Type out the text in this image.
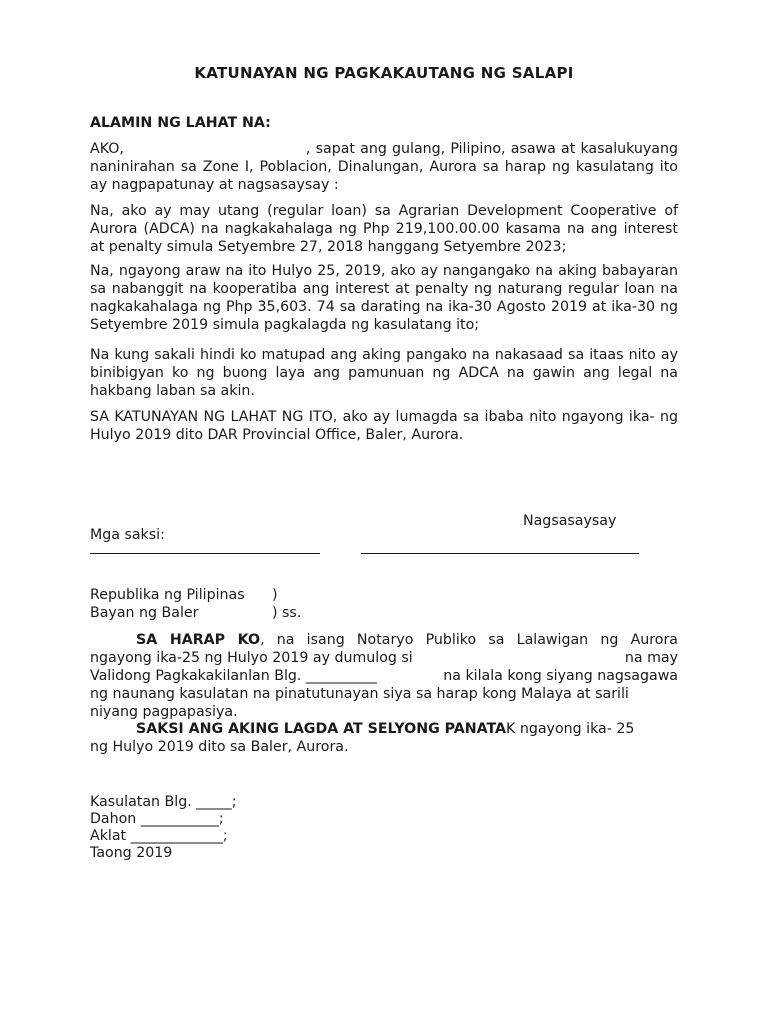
KATUNAYAN NG PAGKAKAUTANG NG SALAPI
ALAMIN NG LAHAT NA:

AKO,	, sapat ang gulang, Pilipino, asawa at kasalukuyang naninirahan sa Zone I, Poblacion, Dinalungan, Aurora sa harap ng kasulatang ito ay nagpapatunay at nagsasaysay :

Na, ako ay may utang (regular loan) sa Agrarian Development Cooperative of Aurora (ADCA) na nagkakahalaga ng Php 219,100.00.00 kasama na ang interest at penalty simula Setyembre 27, 2018 hanggang Setyembre 2023;
Na, ngayong araw na ito Hulyo 25, 2019, ako ay nangangako na aking babayaran sa nabanggit na kooperatiba ang interest at penalty ng naturang regular loan na nagkakahalaga ng Php 35,603. 74 sa darating na ika-30 Agosto 2019 at ika-30 ng Setyembre 2019 simula pagkalagda ng kasulatang ito;
Na kung sakali hindi ko matupad ang aking pangako na nakasaad sa itaas nito ay binibigyan ko ng buong laya ang pamunuan ng ADCA na gawin ang legal na hakbang laban sa akin.
SA KATUNAYAN NG LAHAT NG ITO, ako ay lumagda sa ibaba nito ngayong ika- ng Hulyo 2019 dito DAR Provincial Office, Baler, Aurora.
Nagsasaysay
Mga saksi:
Republika ng Pilipinas )
Bayan ng Baler	) ss.
SA HARAP KO, na isang Notaryo Publiko sa Lalawigan ng Aurora
ngayong ika-25 ng Hulyo 2019 ay dumulog si	na may
Validong Pagkakakilanlan Blg. __________	na kilala kong siyang nagsagawa
ng naunang kasulatan na pinatutunayan siya sa harap kong Malaya at sarili
niyang pagpapasiya.
SAKSI ANG AKING LAGDA AT SELYONG PANATAK ngayong ika- 25
ng Hulyo 2019 dito sa Baler, Aurora.
Kasulatan Blg. _____;
Dahon ___________;
Aklat _____________;
Taong 2019
